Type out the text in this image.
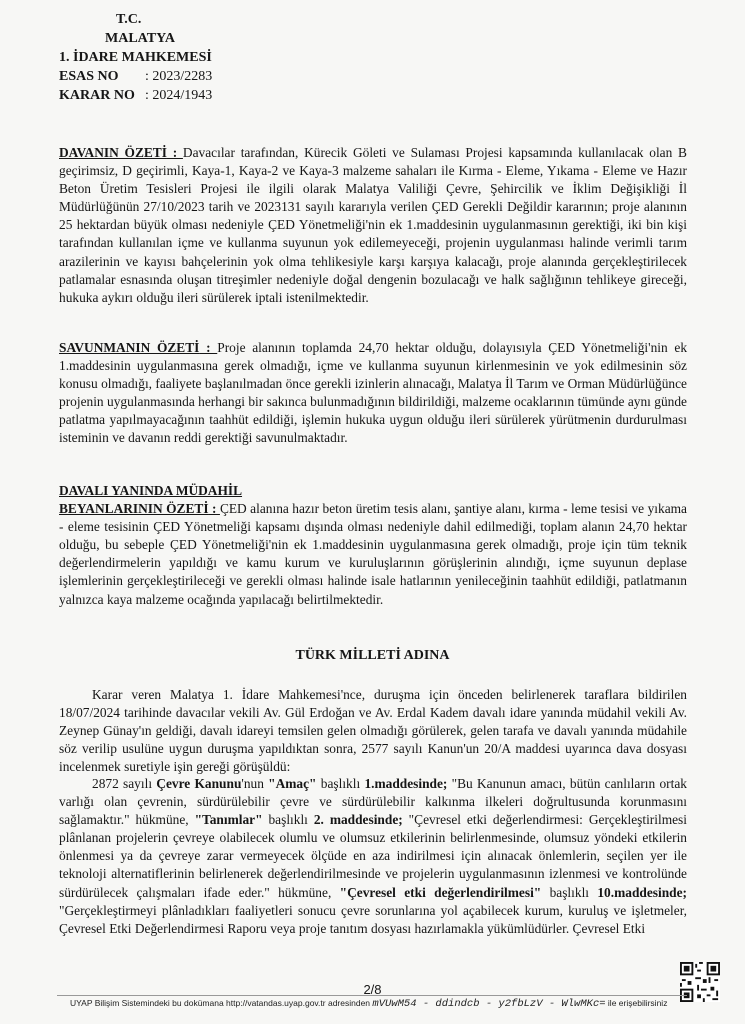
T.C.
MALATYA
1. İDARE MAHKEMESİ
ESAS NO	: 2023/2283
KARAR NO : 2024/1943
DAVANIN ÖZETİ : Davacılar tarafından, Kürecik Göleti ve Sulaması Projesi kapsamında kullanılacak olan B geçirimsiz, D geçirimli, Kaya-1, Kaya-2 ve Kaya-3 malzeme sahaları ile Kırma - Eleme, Yıkama - Eleme ve Hazır Beton Üretim Tesisleri Projesi ile ilgili olarak Malatya Valiliği Çevre, Şehircilik ve İklim Değişikliği İl Müdürlüğünün 27/10/2023 tarih ve 2023131 sayılı kararıyla verilen ÇED Gerekli Değildir kararının; proje alanının 25 hektardan büyük olması nedeniyle ÇED Yönetmeliği'nin ek 1.maddesinin uygulanmasının gerektiği, iki bin kişi tarafından kullanılan içme ve kullanma suyunun yok edilemeyeceği, projenin uygulanması halinde verimli tarım arazilerinin ve kayısı bahçelerinin yok olma tehlikesiyle karşı karşıya kalacağı, proje alanında gerçekleştirilecek patlamalar esnasında oluşan titreşimler nedeniyle doğal dengenin bozulacağı ve halk sağlığının tehlikeye gireceği, hukuka aykırı olduğu ileri sürülerek iptali istenilmektedir.
SAVUNMANIN ÖZETİ : Proje alanının toplamda 24,70 hektar olduğu, dolayısıyla ÇED Yönetmeliği'nin ek 1.maddesinin uygulanmasına gerek olmadığı, içme ve kullanma suyunun kirlenmesinin ve yok edilmesinin söz konusu olmadığı, faaliyete başlanılmadan önce gerekli izinlerin alınacağı, Malatya İl Tarım ve Orman Müdürlüğünce projenin uygulanmasında herhangi bir sakınca bulunmadığının bildirildiği, malzeme ocaklarının tümünde aynı günde patlatma yapılmayacağının taahhüt edildiği, işlemin hukuka uygun olduğu ileri sürülerek yürütmenin durdurulması isteminin ve davanın reddi gerektiği savunulmaktadır.
DAVALI YANINDA MÜDAHİL
BEYANLARININ ÖZETİ : ÇED alanına hazır beton üretim tesis alanı, şantiye alanı, kırma - leme tesisi ve yıkama - eleme tesisinin ÇED Yönetmeliği kapsamı dışında olması nedeniyle dahil edilmediği, toplam alanın 24,70 hektar olduğu, bu sebeple ÇED Yönetmeliği'nin ek 1.maddesinin uygulanmasına gerek olmadığı, proje için tüm teknik değerlendirmelerin yapıldığı ve kamu kurum ve kuruluşlarının görüşlerinin alındığı, içme suyunun deplase işlemlerinin gerçekleştirileceği ve gerekli olması halinde isale hatlarının yenileceğinin taahhüt edildiği, patlatmanın yalnızca kaya malzeme ocağında yapılacağı belirtilmektedir.
TÜRK MİLLETİ ADINA
Karar veren Malatya 1. İdare Mahkemesi'nce, duruşma için önceden belirlenerek taraflara bildirilen 18/07/2024 tarihinde davacılar vekili Av. Gül Erdoğan ve Av. Erdal Kadem davalı idare yanında müdahil vekili Av. Zeynep Günay'ın geldiği, davalı idareyi temsilen gelen olmadığı görülerek, gelen tarafa ve davalı yanında müdahile söz verilip usulüne uygun duruşma yapıldıktan sonra, 2577 sayılı Kanun'un 20/A maddesi uyarınca dava dosyası incelenmek suretiyle işin gereği görüşüldü:
2872 sayılı Çevre Kanunu'nun "Amaç" başlıklı 1.maddesinde; "Bu Kanunun amacı, bütün canlıların ortak varlığı olan çevrenin, sürdürülebilir çevre ve sürdürülebilir kalkınma ilkeleri doğrultusunda korunmasını sağlamaktır." hükmüne, "Tanımlar" başlıklı 2. maddesinde; "Çevresel etki değerlendirmesi: Gerçekleştirilmesi plânlanan projelerin çevreye olabilecek olumlu ve olumsuz etkilerinin belirlenmesinde, olumsuz yöndeki etkilerin önlenmesi ya da çevreye zarar vermeyecek ölçüde en aza indirilmesi için alınacak önlemlerin, seçilen yer ile teknoloji alternatiflerinin belirlenerek değerlendirilmesinde ve projelerin uygulanmasının izlenmesi ve kontrolünde sürdürülecek çalışmaları ifade eder." hükmüne, "Çevresel etki değerlendirilmesi" başlıklı 10.maddesinde; "Gerçekleştirmeyi plânladıkları faaliyetleri sonucu çevre sorunlarına yol açabilecek kurum, kuruluş ve işletmeler, Çevresel Etki Değerlendirmesi Raporu veya proje tanıtım dosyası hazırlamakla yükümlüdürler. Çevresel Etki
2/8
UYAP Bilişim Sistemindeki bu dokümana http://vatandas.uyap.gov.tr adresinden mVUwM54 - ddindcb - y2fbLzV - WlwMKc= ile erişebilirsiniz
